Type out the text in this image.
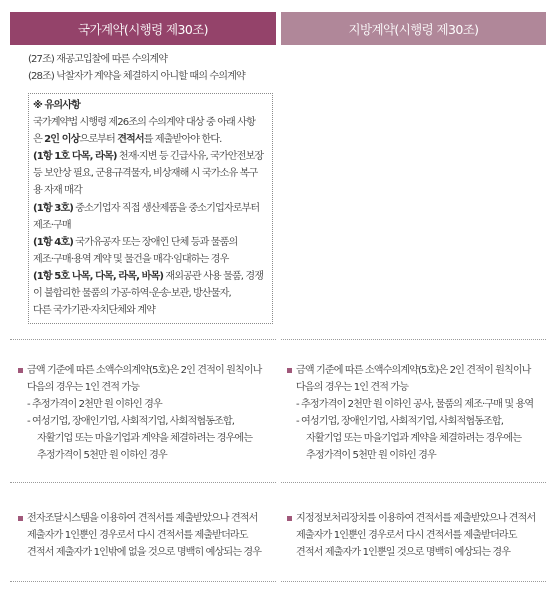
국가계약(시행령 제30조)	지방계약(시행령 제30조)
(27조) 재공고입찰에 따른 수의계약
(28조) 낙찰자가 계약을 체결하지 아니할 때의 수의계약
※ 유의사항
국가계약법 시행령 제26조의 수의계약 대상 중 아래 사항
은 2인 이상으로부터 견적서를 제출받아야 한다.
(1항 1호 다목, 라목) 천재·지변 등 긴급사유, 국가안전보장
등 보안상 필요, 군용규격물자, 비상재해 시 국가소유 복구
용 자재 매각
(1항 3호) 중소기업자 직접 생산제품을 중소기업자로부터
제조·구매
(1항 4호) 국가유공자 또는 장애인 단체 등과 물품의
제조·구매·용역 계약 및 물건을 매각·임대하는 경우
(1항 5호 나목, 다목, 라목, 바목) 재외공관 사용 물품, 경쟁
이 불합리한 물품의 가공·하역·운송·보관, 방산물자,
다른 국가기관·자치단체와 계약
금액 기준에 따른 소액수의계약(5호)은 2인 견적이 원칙이나
다음의 경우는 1인 견적 가능
- 추정가격이 2천만 원 이하인 경우
- 여성기업, 장애인기업, 사회적기업, 사회적협동조합,
자활기업 또는 마을기업과 계약을 체결하려는 경우에는
추정가격이 5천만 원 이하인 경우
금액 기준에 따른 소액수의계약(5호)은 2인 견적이 원칙이나
다음의 경우는 1인 견적 가능
- 추정가격이 2천만 원 이하인 공사, 물품의 제조·구매 및 용역
- 여성기업, 장애인기업, 사회적기업, 사회적협동조합,
자활기업 또는 마을기업과 계약을 체결하려는 경우에는
추정가격이 5천만 원 이하인 경우
전자조달시스템을 이용하여 견적서를 제출받았으나 견적서
제출자가 1인뿐인 경우로서 다시 견적서를 제출받더라도
견적서 제출자가 1인밖에 없을 것으로 명백히 예상되는 경우
지정정보처리장치를 이용하여 견적서를 제출받았으나 견적서
제출자가 1인뿐인 경우로서 다시 견적서를 제출받더라도
견적서 제출자가 1인뿐일 것으로 명백히 예상되는 경우
